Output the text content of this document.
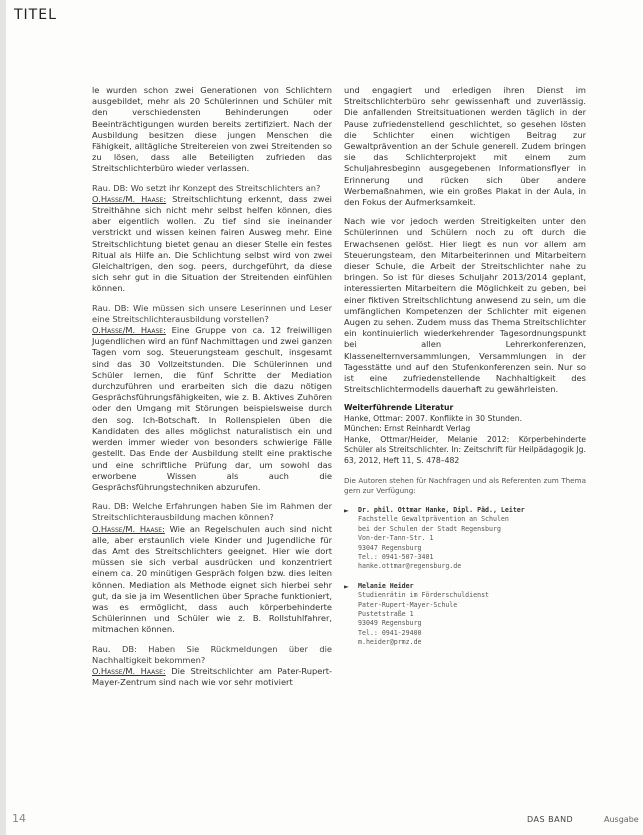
TITEL

le wurden schon zwei Generationen von Schlichtern ausgebildet, mehr als 20 Schülerinnen und Schüler mit den verschiedensten Behinderungen oder Beeinträchtigungen wurden bereits zertifiziert. Nach der Ausbildung besitzen diese jungen Menschen die Fähigkeit, alltägliche Streitereien von zwei Streitenden so zu lösen, dass alle Beteiligten zufrieden das Streitschlichterbüro wieder verlassen.

Rau. DB: Wo setzt ihr Konzept des Streitschlichters an?
O.Hasse/M. Haase: Streitschlichtung erkennt, dass zwei Streithähne sich nicht mehr selbst helfen können, dies aber eigentlich wollen. Zu tief sind sie ineinander verstrickt und wissen keinen fairen Ausweg mehr. Eine Streitschlichtung bietet genau an dieser Stelle ein festes Ritual als Hilfe an. Die Schlichtung selbst wird von zwei Gleichaltrigen, den sog. peers, durchgeführt, da diese sich sehr gut in die Situation der Streitenden einfühlen können.

Rau. DB: Wie müssen sich unsere Leserinnen und Leser eine Streitschlichterausbildung vorstellen?
O.Hasse/M. Haase: Eine Gruppe von ca. 12 freiwilligen Jugendlichen wird an fünf Nachmittagen und zwei ganzen Tagen vom sog. Steuerungsteam geschult, insgesamt sind das 30 Vollzeitstunden. Die Schülerinnen und Schüler lernen, die fünf Schritte der Mediation durchzuführen und erarbeiten sich die dazu nötigen Gesprächsführungsfähigkeiten, wie z. B. Aktives Zuhören oder den Umgang mit Störungen beispielsweise durch den sog. Ich-Botschaft. In Rollenspielen üben die Kandidaten des alles möglichst naturalistisch ein und werden immer wieder von besonders schwierige Fälle gestellt. Das Ende der Ausbildung stellt eine praktische und eine schriftliche Prüfung dar, um sowohl das erworbene Wissen als auch die Gesprächsführungstechniken abzurufen.

Rau. DB: Welche Erfahrungen haben Sie im Rahmen der Streitschlichterausbildung machen können?
O.Hasse/M. Haase: Wie an Regelschulen auch sind nicht alle, aber erstaunlich viele Kinder und Jugendliche für das Amt des Streitschlichters geeignet. Hier wie dort müssen sie sich verbal ausdrücken und konzentriert einem ca. 20 minütigen Gespräch folgen bzw. dies leiten können. Mediation als Methode eignet sich hierbei sehr gut, da sie ja im Wesentlichen über Sprache funktioniert, was es ermöglicht, dass auch körperbehinderte Schülerinnen und Schüler wie z. B. Rollstuhlfahrer, mitmachen können.

Rau. DB: Haben Sie Rückmeldungen über die Nachhaltigkeit bekommen?
O.Hasse/M. Haase: Die Streitschlichter am Pater-Rupert-Mayer-Zentrum sind nach wie vor sehr motiviert

und engagiert und erledigen ihren Dienst im Streitschlichterbüro sehr gewissenhaft und zuverlässig. Die anfallenden Streitsituationen werden täglich in der Pause zufriedenstellend geschlichtet, so gesehen lösten die Schlichter einen wichtigen Beitrag zur Gewaltprävention an der Schule generell. Zudem bringen sie das Schlichterprojekt mit einem zum Schuljahresbeginn ausgegebenen Informationsflyer in Erinnerung und rücken sich über andere Werbemaßnahmen, wie ein großes Plakat in der Aula, in den Fokus der Aufmerksamkeit.

Nach wie vor jedoch werden Streitigkeiten unter den Schülerinnen und Schülern noch zu oft durch die Erwachsenen gelöst. Hier liegt es nun vor allem am Steuerungsteam, den Mitarbeiterinnen und Mitarbeitern dieser Schule, die Arbeit der Streitschlichter nahe zu bringen. So ist für dieses Schuljahr 2013/2014 geplant, interessierten Mitarbeitern die Möglichkeit zu geben, bei einer fiktiven Streitschlichtung anwesend zu sein, um die umfänglichen Kompetenzen der Schlichter mit eigenen Augen zu sehen. Zudem muss das Thema Streitschlichter ein kontinuierlich wiederkehrender Tagesordnungspunkt bei allen Lehrerkonferenzen, Klassenelternversammlungen, Versammlungen in der Tagesstätte und auf den Stufenkonferenzen sein. Nur so ist eine zufriedenstellende Nachhaltigkeit des Streitschlichtermodells dauerhaft zu gewährleisten.

Weiterführende Literatur

Hanke, Ottmar: 2007. Konflikte in 30 Stunden.

München: Ernst Reinhardt Verlag

Hanke, Ottmar/Heider, Melanie 2012: Körperbehinderte Schüler als Streitschlichter. In: Zeitschrift für Heilpädagogik Jg. 63, 2012, Heft 11, S. 478–482

Die Autoren stehen für Nachfragen und als Referenten zum Thema gern zur Verfügung:
► Dr. phil. Ottmar Hanke, Dipl. Päd., Leiter
Fachstelle Gewaltprävention an Schulen
bei der Schulen der Stadt Regensburg
Von-der-Tann-Str. 1
93047 Regensburg
Tel.: 0941-507-3401
hanke.ottmar@regensburg.de
► Melanie Heider
Studienrätin im Förderschuldienst
Pater-Rupert-Mayer-Schule
Pustetstraße 1
93049 Regensburg
Tel.: 0941-29400
m.heider@prmz.de
14	DAS BAND	Ausgabe
